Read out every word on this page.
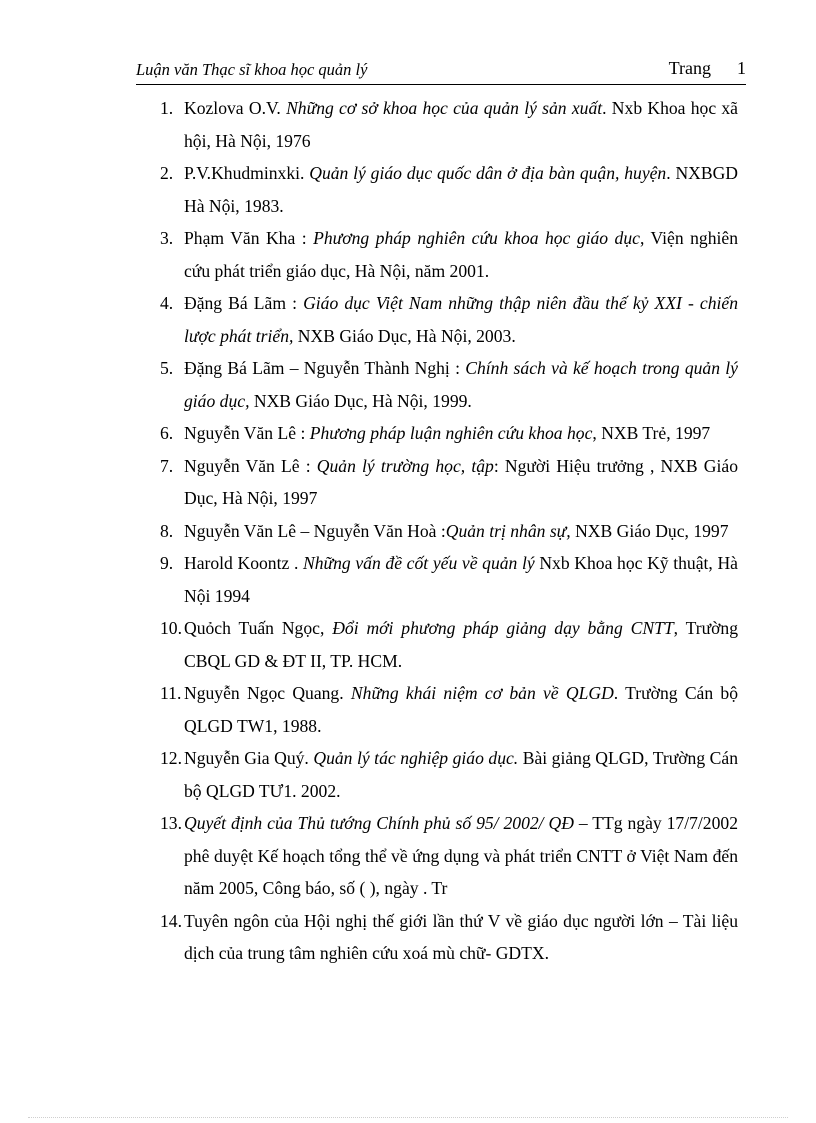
Luận văn Thạc sĩ khoa học quản lý	Trang 1
1. Kozlova O.V. Những cơ sở khoa học của quản lý sản xuất. Nxb Khoa học xã hội, Hà Nội, 1976
2. P.V.Khudminxki. Quản lý giáo dục quốc dân ở địa bàn quận, huyện. NXBGD Hà Nội, 1983.
3. Phạm Văn Kha : Phương pháp nghiên cứu khoa học giáo dục, Viện nghiên cứu phát triển giáo dục, Hà Nội, năm 2001.
4. Đặng Bá Lãm : Giáo dục Việt Nam những thập niên đầu thế kỷ XXI - chiến lược phát triển, NXB Giáo Dục, Hà Nội, 2003.
5. Đặng Bá Lãm – Nguyễn Thành Nghị : Chính sách và kế hoạch trong quản lý giáo dục, NXB Giáo Dục, Hà Nội, 1999.
6. Nguyễn Văn Lê : Phương pháp luận nghiên cứu khoa học, NXB Trẻ, 1997
7. Nguyễn Văn Lê : Quản lý trường học, tập: Người Hiệu trưởng , NXB Giáo Dục, Hà Nội, 1997
8. Nguyễn Văn Lê – Nguyễn Văn Hoà :Quản trị nhân sự, NXB Giáo Dục, 1997
9. Harold Koontz . Những vấn đề cốt yếu về quản lý Nxb Khoa học Kỹ thuật, Hà Nội 1994
10. Quỏch Tuấn Ngọc, Đổi mới phương pháp giảng dạy bằng CNTT, Trường CBQL GD & ĐT II, TP. HCM.
11. Nguyễn Ngọc Quang. Những khái niệm cơ bản về QLGD. Trường Cán bộ QLGD TW1, 1988.
12. Nguyễn Gia Quý. Quản lý tác nghiệp giáo dục. Bài giảng QLGD, Trường Cán bộ QLGD TƯ1. 2002.
13. Quyết định của Thủ tướng Chính phủ số 95/ 2002/ QĐ – TTg ngày 17/7/2002 phê duyệt Kế hoạch tổng thể về ứng dụng và phát triển CNTT ở Việt Nam đến năm 2005, Công báo, số ( ), ngày . Tr
14. Tuyên ngôn của Hội nghị thế giới lần thứ V về giáo dục người lớn – Tài liệu dịch của trung tâm nghiên cứu xoá mù chữ- GDTX.
